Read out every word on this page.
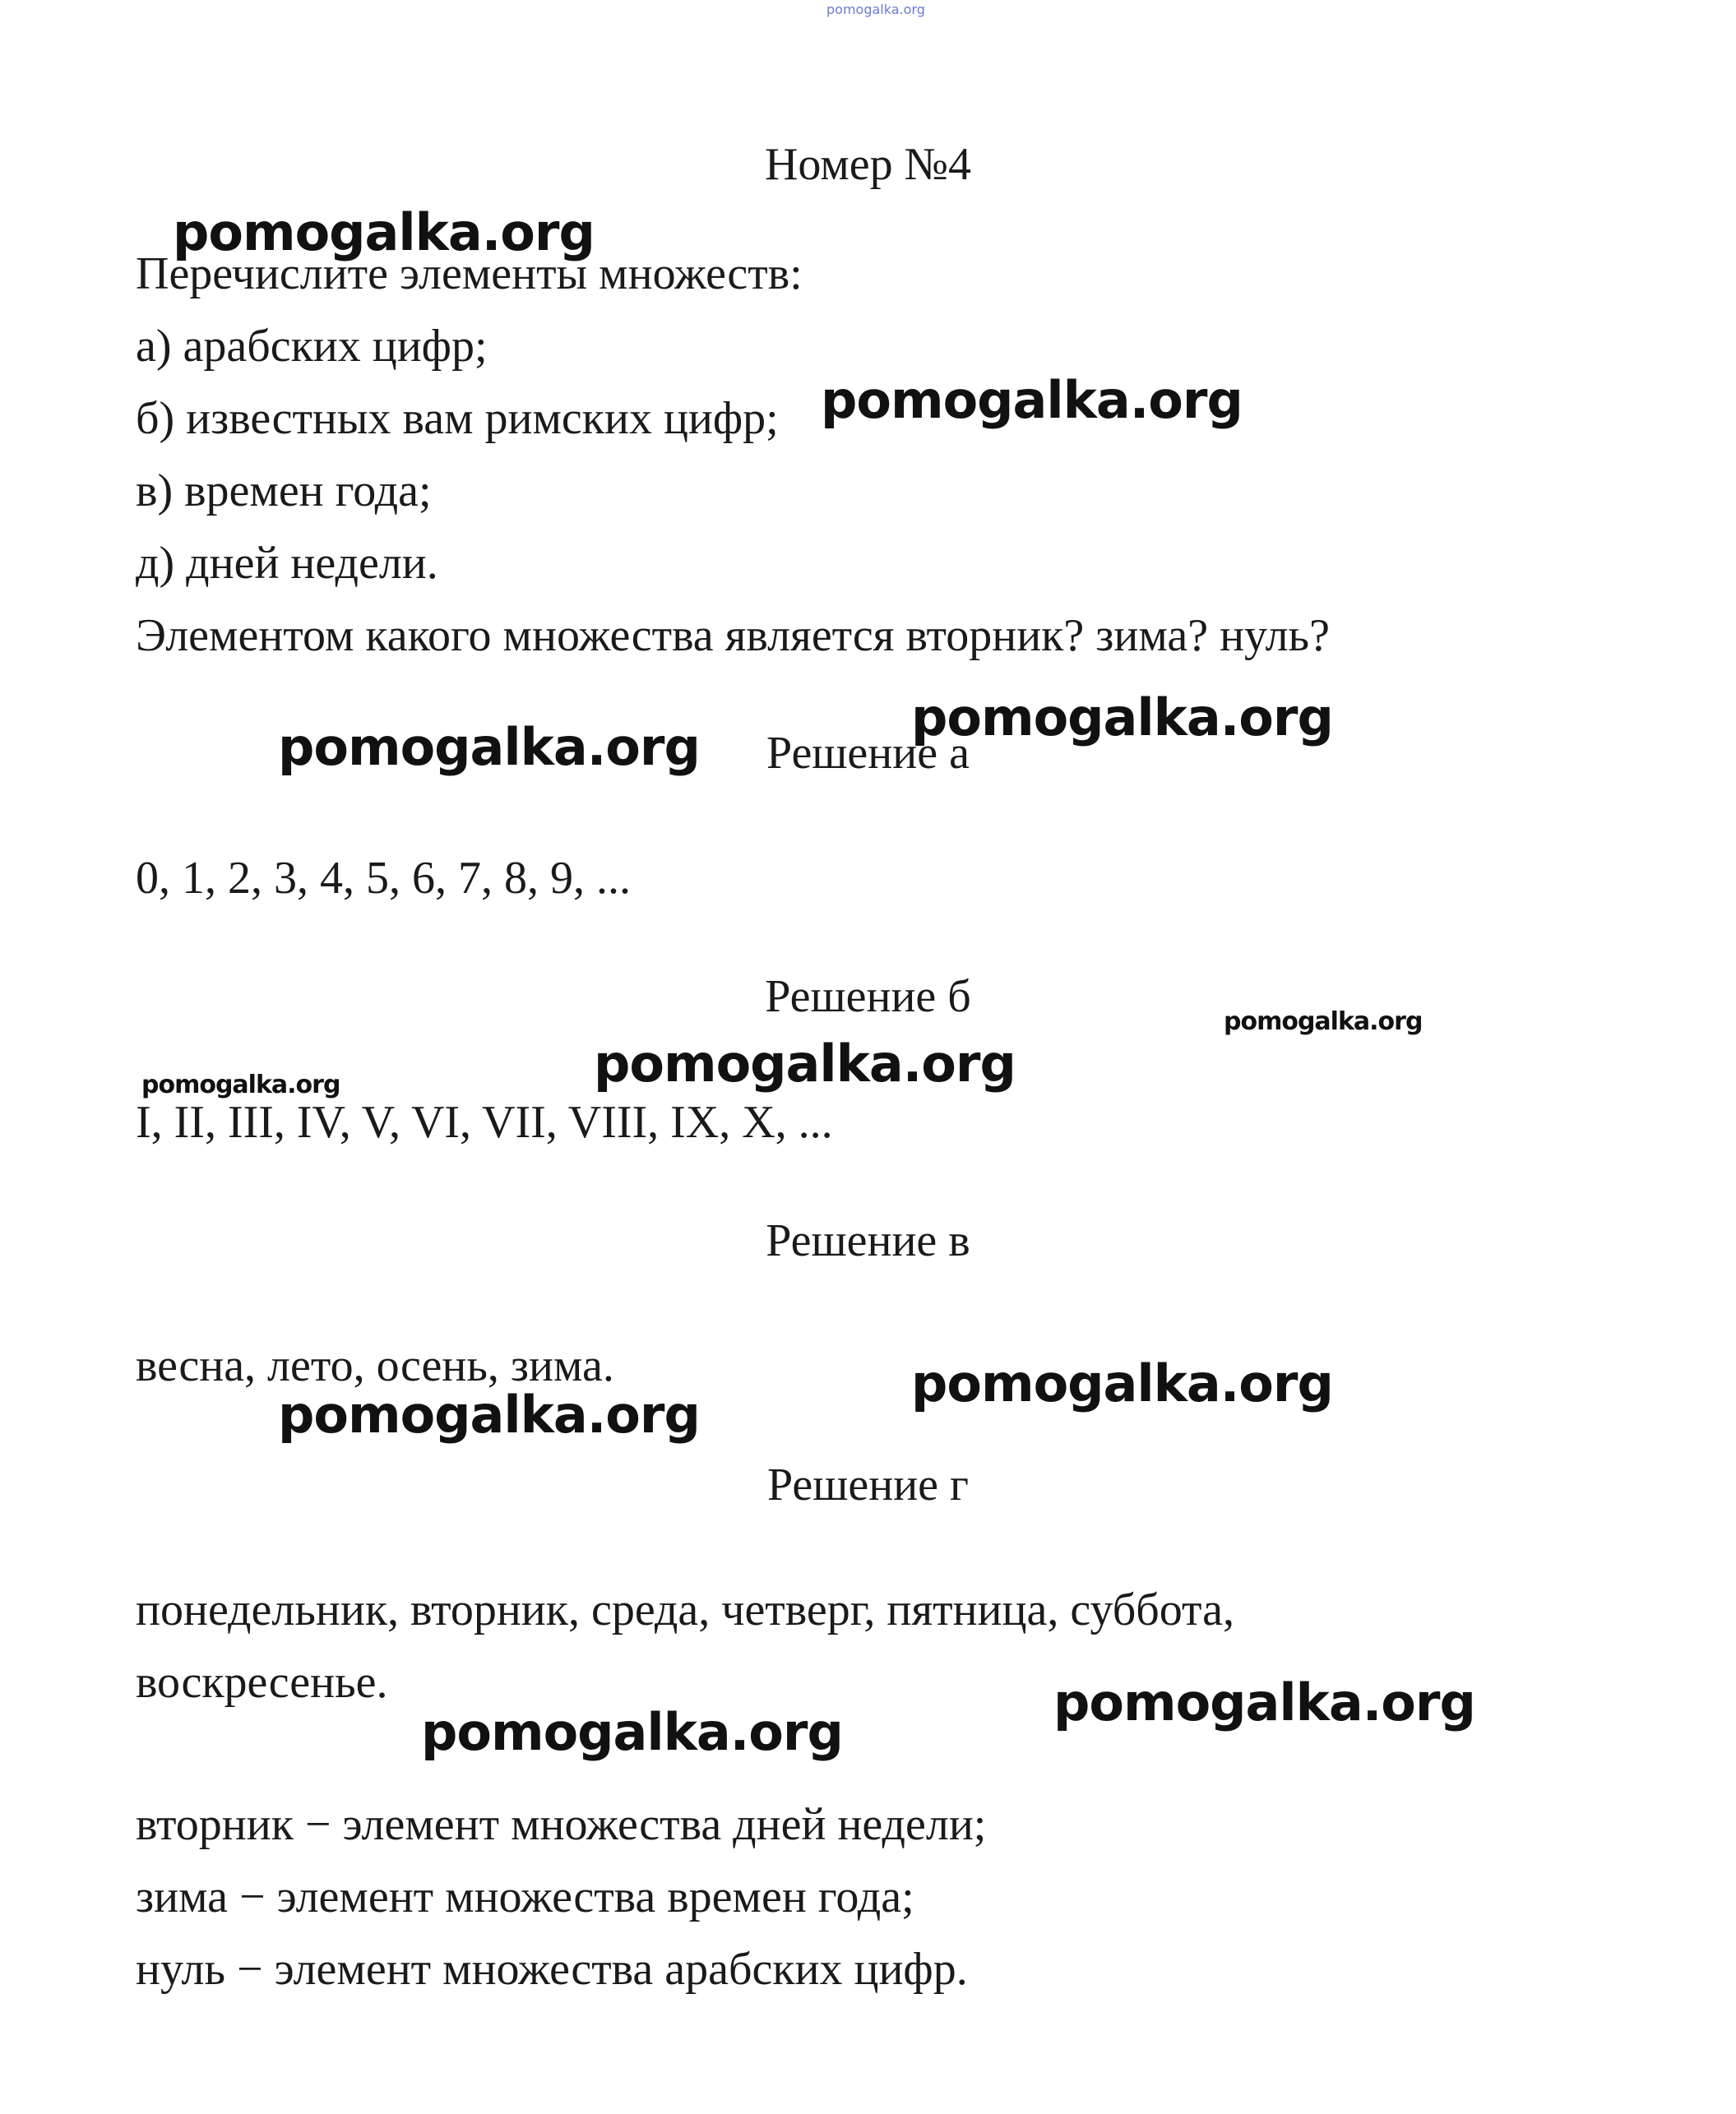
pomogalka.org
Номер №4
Перечислите элементы множеств:
а) арабских цифр;
б) известных вам римских цифр;
в) времен года;
д) дней недели.
Элементом какого множества является вторник? зима? нуль?
Решение а
0, 1, 2, 3, 4, 5, 6, 7, 8, 9, ...
Решение б
I, II, III, IV, V, VI, VII, VIII, IX, X, ...
Решение в
весна, лето, осень, зима.
Решение г
понедельник, вторник, среда, четверг, пятница, суббота,
воскресенье.
вторник − элемент множества дней недели;
зима − элемент множества времен года;
нуль − элемент множества арабских цифр.
pomogalka.org
pomogalka.org
pomogalka.org
pomogalka.org
pomogalka.org
pomogalka.org
pomogalka.org
pomogalka.org
pomogalka.org
pomogalka.org
pomogalka.org
